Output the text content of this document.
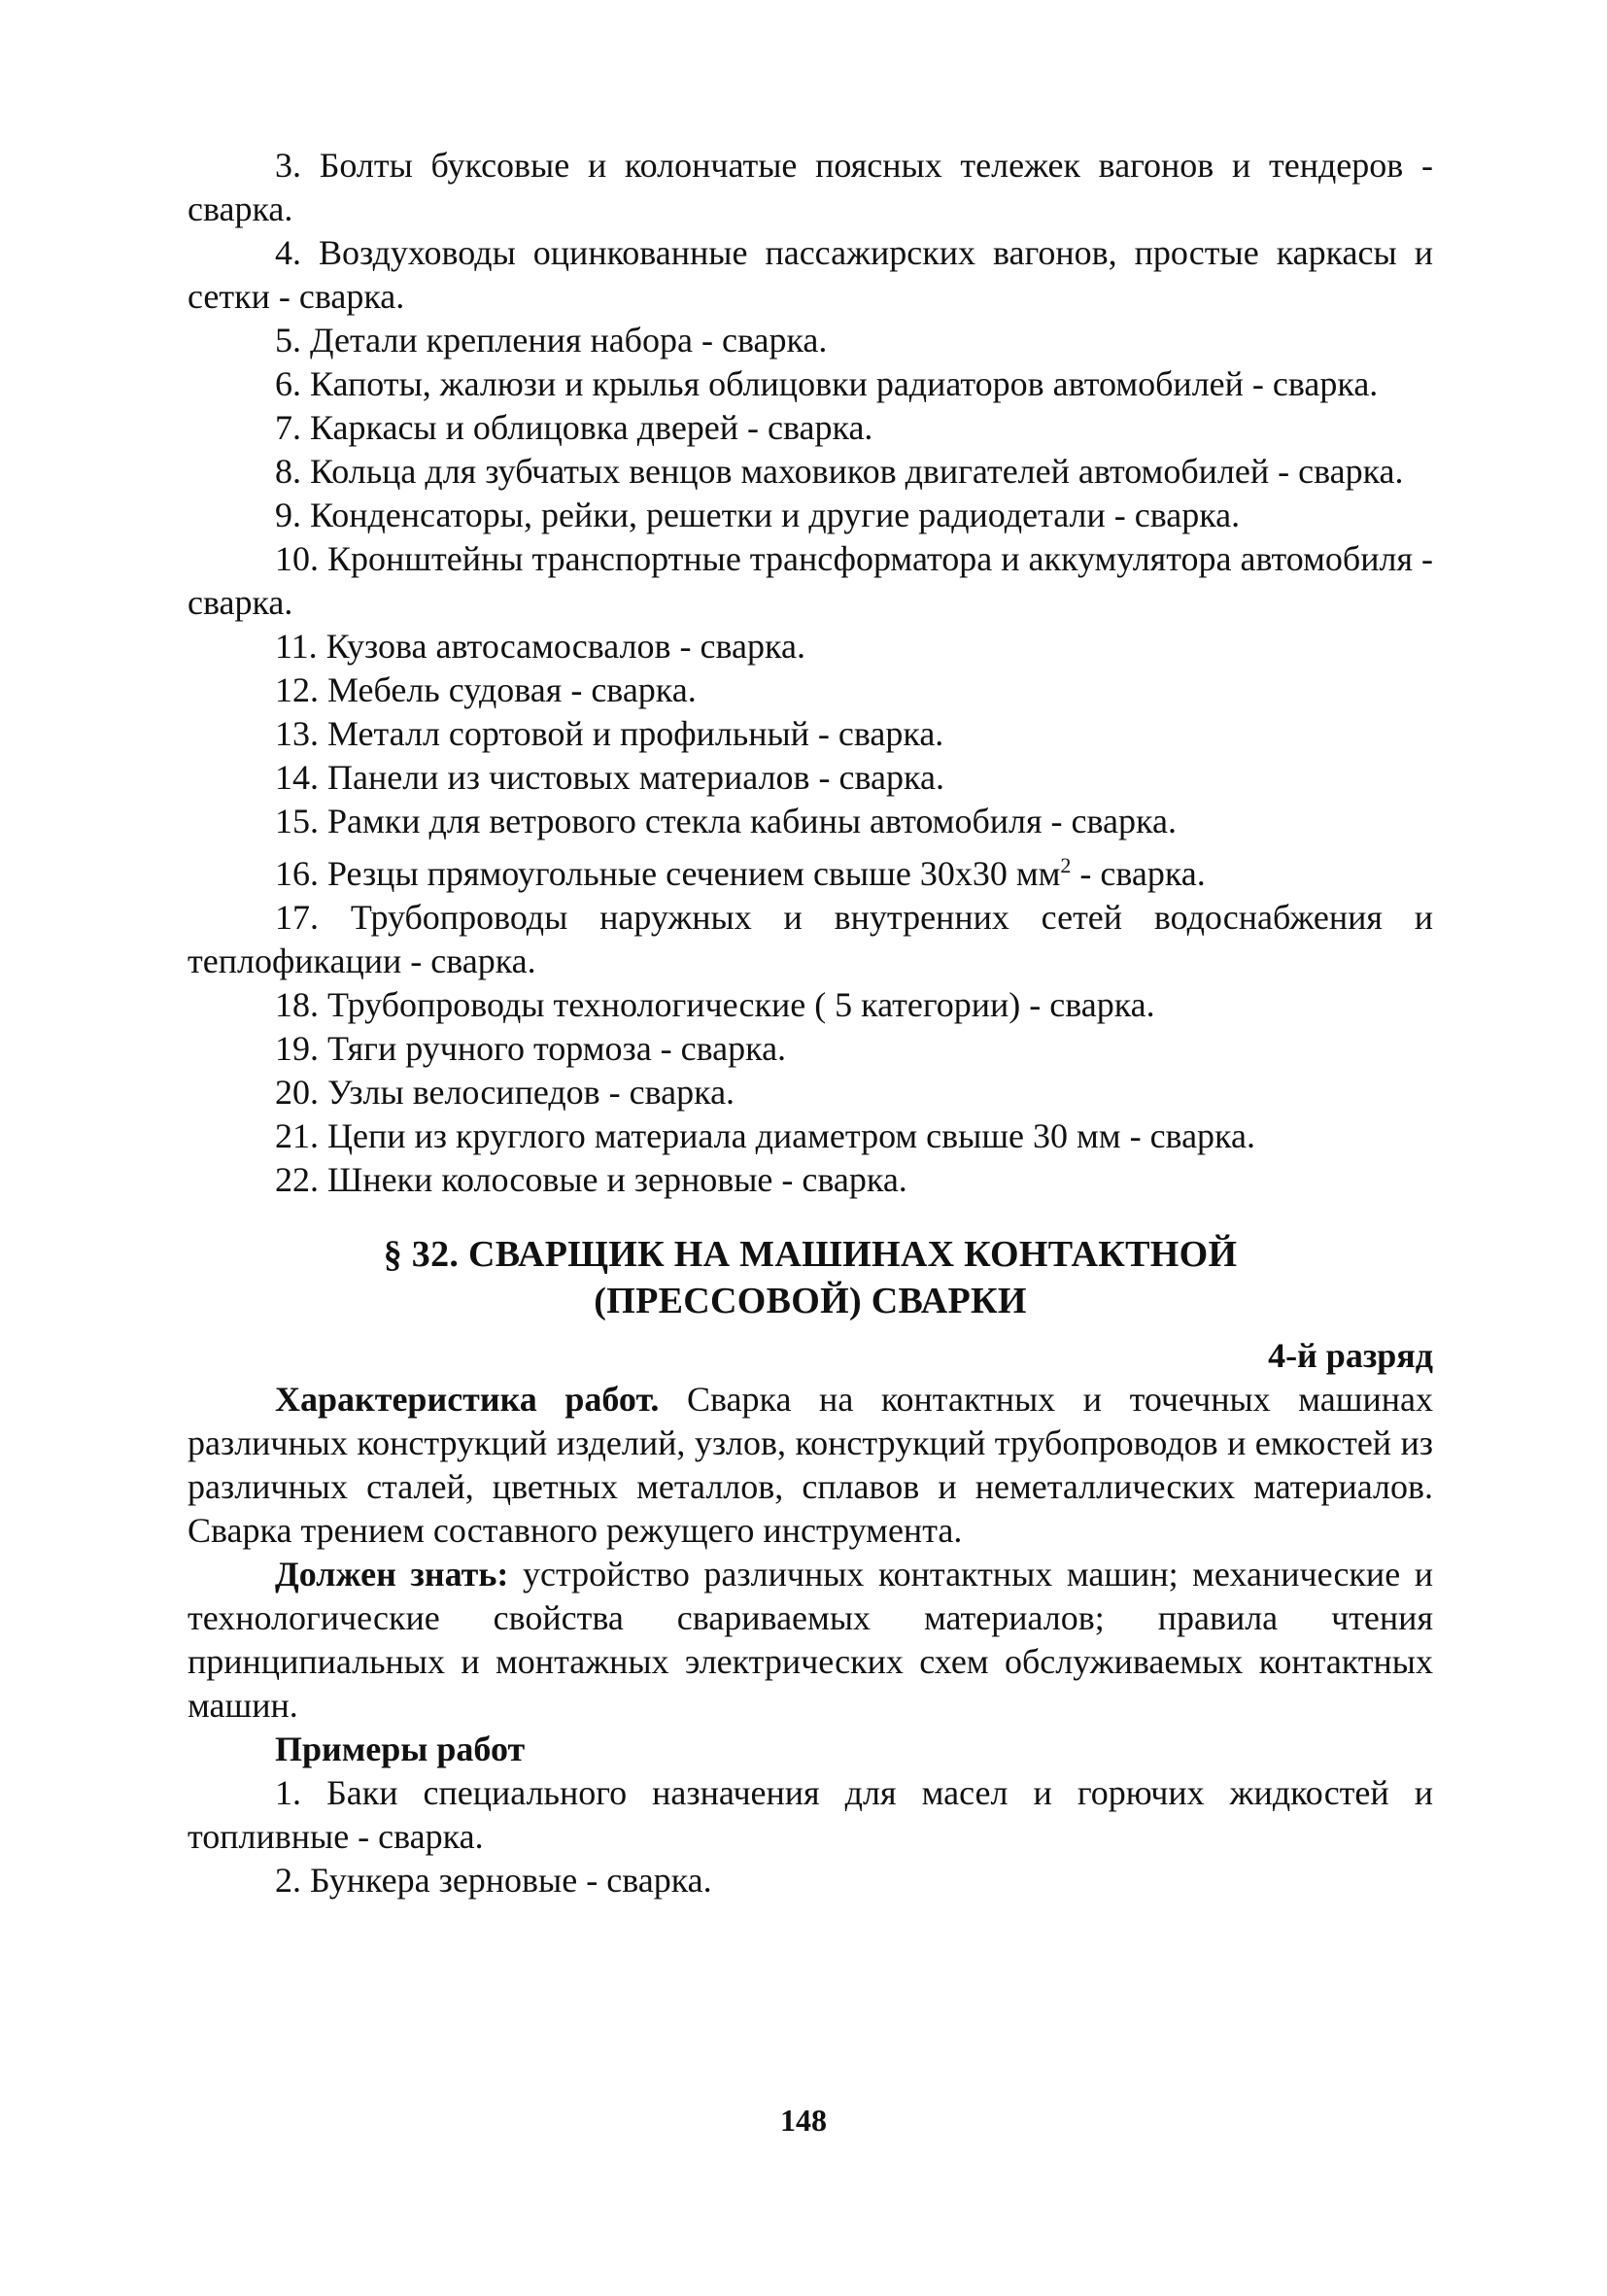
3. Болты буксовые и колончатые поясных тележек вагонов и тендеров - сварка.

4. Воздуховоды оцинкованные пассажирских вагонов, простые каркасы и сетки - сварка.

5. Детали крепления набора - сварка.

6. Капоты, жалюзи и крылья облицовки радиаторов автомобилей - сварка.

7. Каркасы и облицовка дверей - сварка.

8. Кольца для зубчатых венцов маховиков двигателей автомобилей - сварка.

9. Конденсаторы, рейки, решетки и другие радиодетали - сварка.

10. Кронштейны транспортные трансформатора и аккумулятора автомобиля - сварка.

11. Кузова автосамосвалов - сварка.

12. Мебель судовая - сварка.

13. Металл сортовой и профильный - сварка.

14. Панели из чистовых материалов - сварка.

15. Рамки для ветрового стекла кабины автомобиля - сварка.

16. Резцы прямоугольные сечением свыше 30х30 $мм^2$ - сварка.

17. Трубопроводы наружных и внутренних сетей водоснабжения и теплофикации - сварка.

18. Трубопроводы технологические ( 5 категории) - сварка.

19. Тяги ручного тормоза - сварка.

20. Узлы велосипедов - сварка.

21. Цепи из круглого материала диаметром свыше 30 мм - сварка.

22. Шнеки колосовые и зерновые - сварка.

§ 32. СВАРЩИК НА МАШИНАХ КОНТАКТНОЙ
(ПРЕССОВОЙ) СВАРКИ

4-й разряд

Характеристика работ. Сварка на контактных и точечных машинах различных конструкций изделий, узлов, конструкций трубопроводов и емкостей из различных сталей, цветных металлов, сплавов и неметаллических материалов. Сварка трением составного режущего инструмента.

Должен знать: устройство различных контактных машин; механические и технологические свойства свариваемых материалов; правила чтения принципиальных и монтажных электрических схем обслуживаемых контактных машин.

Примеры работ

1. Баки специального назначения для масел и горючих жидкостей и топливные - сварка.

2. Бункера зерновые - сварка.

148
